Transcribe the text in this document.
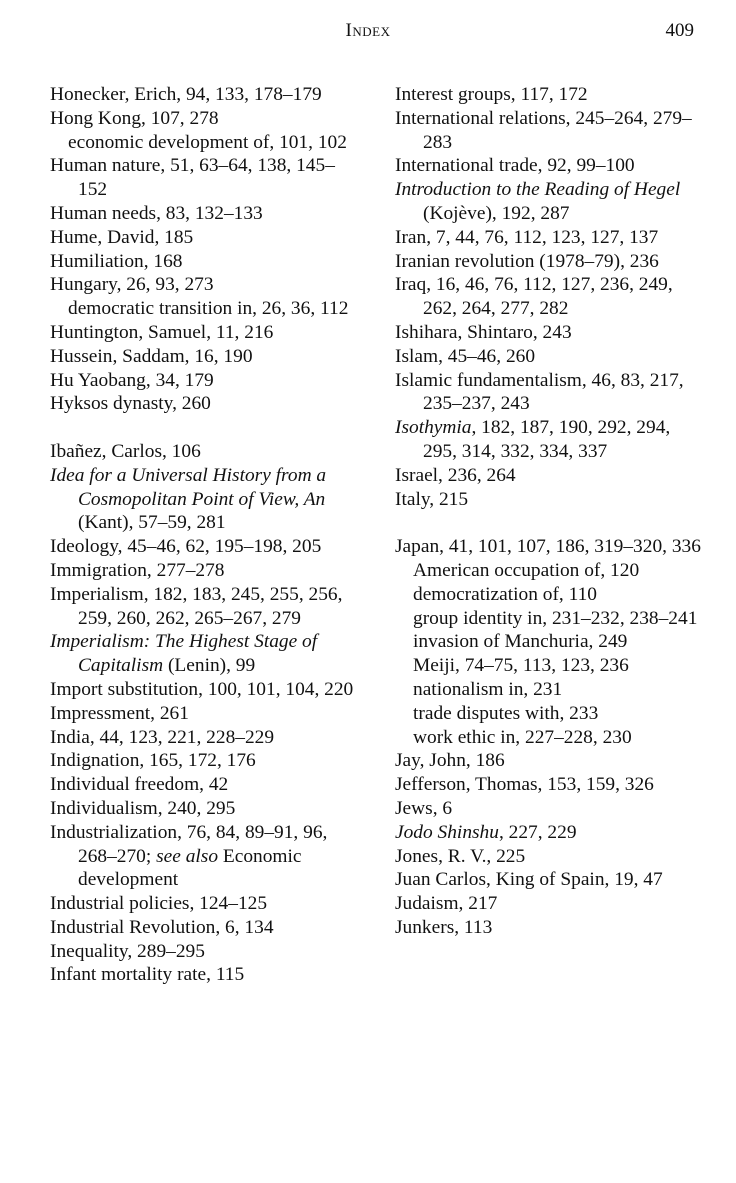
Index	409
Honecker, Erich, 94, 133, 178–179
Hong Kong, 107, 278
economic development of, 101, 102
Human nature, 51, 63–64, 138, 145–152
Human needs, 83, 132–133
Hume, David, 185
Humiliation, 168
Hungary, 26, 93, 273
democratic transition in, 26, 36, 112
Huntington, Samuel, 11, 216
Hussein, Saddam, 16, 190
Hu Yaobang, 34, 179
Hyksos dynasty, 260
Ibañez, Carlos, 106
Idea for a Universal History from a Cosmopolitan Point of View, An (Kant), 57–59, 281
Ideology, 45–46, 62, 195–198, 205
Immigration, 277–278
Imperialism, 182, 183, 245, 255, 256, 259, 260, 262, 265–267, 279
Imperialism: The Highest Stage of Capitalism (Lenin), 99
Import substitution, 100, 101, 104, 220
Impressment, 261
India, 44, 123, 221, 228–229
Indignation, 165, 172, 176
Individual freedom, 42
Individualism, 240, 295
Industrialization, 76, 84, 89–91, 96, 268–270; see also Economic development
Industrial policies, 124–125
Industrial Revolution, 6, 134
Inequality, 289–295
Infant mortality rate, 115
Interest groups, 117, 172
International relations, 245–264, 279–283
International trade, 92, 99–100
Introduction to the Reading of Hegel (Kojève), 192, 287
Iran, 7, 44, 76, 112, 123, 127, 137
Iranian revolution (1978–79), 236
Iraq, 16, 46, 76, 112, 127, 236, 249, 262, 264, 277, 282
Ishihara, Shintaro, 243
Islam, 45–46, 260
Islamic fundamentalism, 46, 83, 217, 235–237, 243
Isothymia, 182, 187, 190, 292, 294, 295, 314, 332, 334, 337
Israel, 236, 264
Italy, 215
Japan, 41, 101, 107, 186, 319–320, 336
American occupation of, 120
democratization of, 110
group identity in, 231–232, 238–241
invasion of Manchuria, 249
Meiji, 74–75, 113, 123, 236
nationalism in, 231
trade disputes with, 233
work ethic in, 227–228, 230
Jay, John, 186
Jefferson, Thomas, 153, 159, 326
Jews, 6
Jodo Shinshu, 227, 229
Jones, R. V., 225
Juan Carlos, King of Spain, 19, 47
Judaism, 217
Junkers, 113
